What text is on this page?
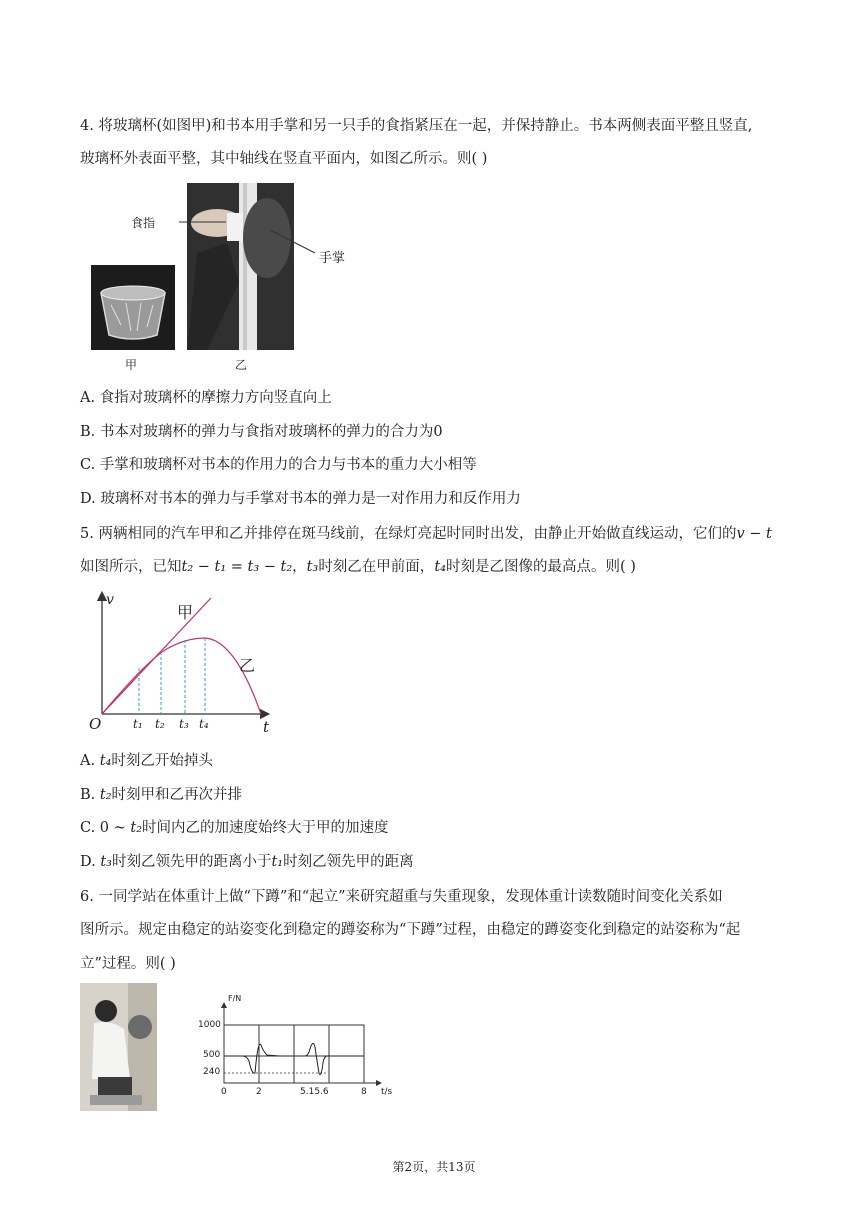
4. 将玻璃杯(如图甲)和书本用手掌和另一只手的食指紧压在一起，并保持静止。书本两侧表面平整且竖直,
玻璃杯外表面平整，其中轴线在竖直平面内，如图乙所示。则( )
食指
手掌
甲	乙
A. 食指对玻璃杯的摩擦力方向竖直向上
B. 书本对玻璃杯的弹力与食指对玻璃杯的弹力的合力为0
C. 手掌和玻璃杯对书本的作用力的合力与书本的重力大小相等
D. 玻璃杯对书本的弹力与手掌对书本的弹力是一对作用力和反作用力
5. 两辆相同的汽车甲和乙并排停在斑马线前，在绿灯亮起时同时出发，由静止开始做直线运动，它们的v − t
如图所示，已知t₂ − t₁ = t₃ − t₂，t₃时刻乙在甲前面，t₄时刻是乙图像的最高点。则( )
v
t
O
甲
乙
t₁ t₂ t₃ t₄
A. t₄时刻乙开始掉头
B. t₂时刻甲和乙再次并排
C. 0 ~ t₂时间内乙的加速度始终大于甲的加速度
D. t₃时刻乙领先甲的距离小于t₁时刻乙领先甲的距离
6. 一同学站在体重计上做“下蹲”和“起立”来研究超重与失重现象，发现体重计读数随时间变化关系如
图所示。规定由稳定的站姿变化到稳定的蹲姿称为“下蹲”过程，由稳定的蹲姿变化到稳定的站姿称为“起
立”过程。则( )
F/N
1000
500
240
0	2	5.15.6	8 t/s
第2页，共13页
